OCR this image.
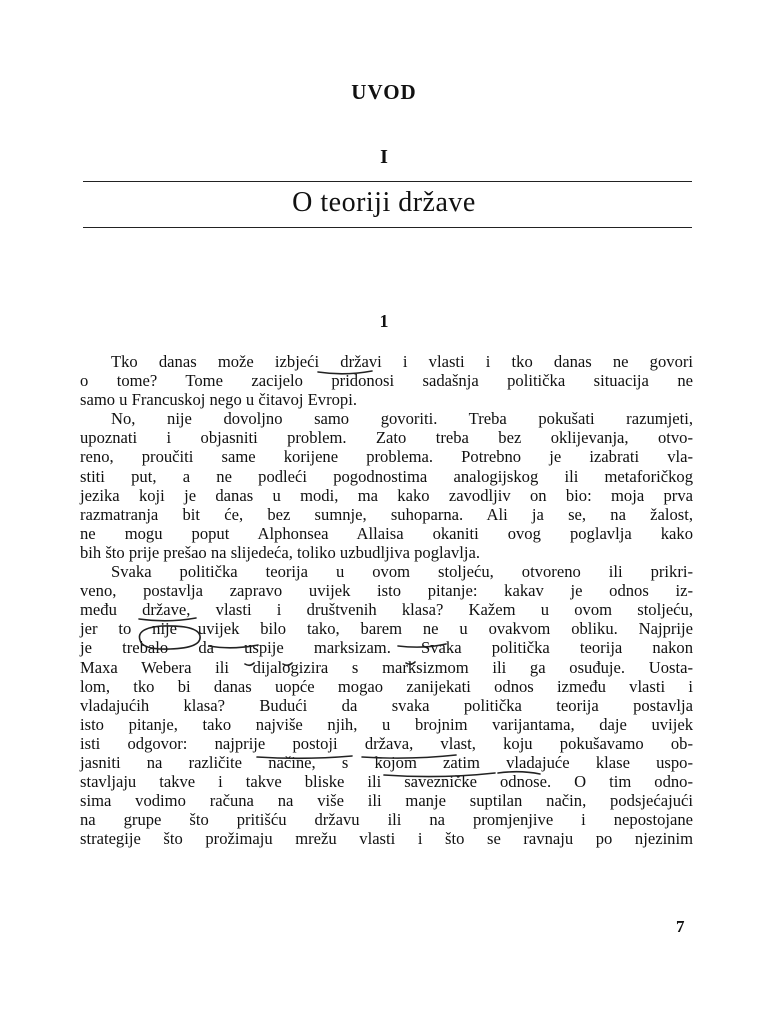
UVOD
I
O teoriji države
1
Tko danas može izbjeći državi i vlasti i tko danas ne govori
o tome? Tome zacijelo pridonosi sadašnja politička situacija ne
samo u Francuskoj nego u čitavoj Evropi.
No, nije dovoljno samo govoriti. Treba pokušati razumjeti,
upoznati i objasniti problem. Zato treba bez oklijevanja, otvo-
reno, proučiti same korijene problema. Potrebno je izabrati vla-
stiti put, a ne podleći pogodnostima analogijskog ili metaforičkog
jezika koji je danas u modi, ma kako zavodljiv on bio: moja prva
razmatranja bit će, bez sumnje, suhoparna. Ali ja se, na žalost,
ne mogu poput Alphonsea Allaisa okaniti ovog poglavlja kako
bih što prije prešao na slijedeća, toliko uzbudljiva poglavlja.
Svaka politička teorija u ovom stoljeću, otvoreno ili prikri-
veno, postavlja zapravo uvijek isto pitanje: kakav je odnos iz-
među države, vlasti i društvenih klasa? Kažem u ovom stoljeću,
jer to nije uvijek bilo tako, barem ne u ovakvom obliku. Najprije
je trebalo da uspije marksizam. Svaka politička teorija nakon
Maxa Webera ili dijalogizira s marksizmom ili ga osuđuje. Uosta-
lom, tko bi danas uopće mogao zanijekati odnos između vlasti i
vladajućih klasa? Budući da svaka politička teorija postavlja
isto pitanje, tako najviše njih, u brojnim varijantama, daje uvijek
isti odgovor: najprije postoji država, vlast, koju pokušavamo ob-
jasniti na različite načine, s kojom zatim vladajuće klase uspo-
stavljaju takve i takve bliske ili savezničke odnose. O tim odno-
sima vodimo računa na više ili manje suptilan način, podsjećajući
na grupe što pritišću državu ili na promjenjive i nepostojane
strategije što prožimaju mrežu vlasti i što se ravnaju po njezinim
7
